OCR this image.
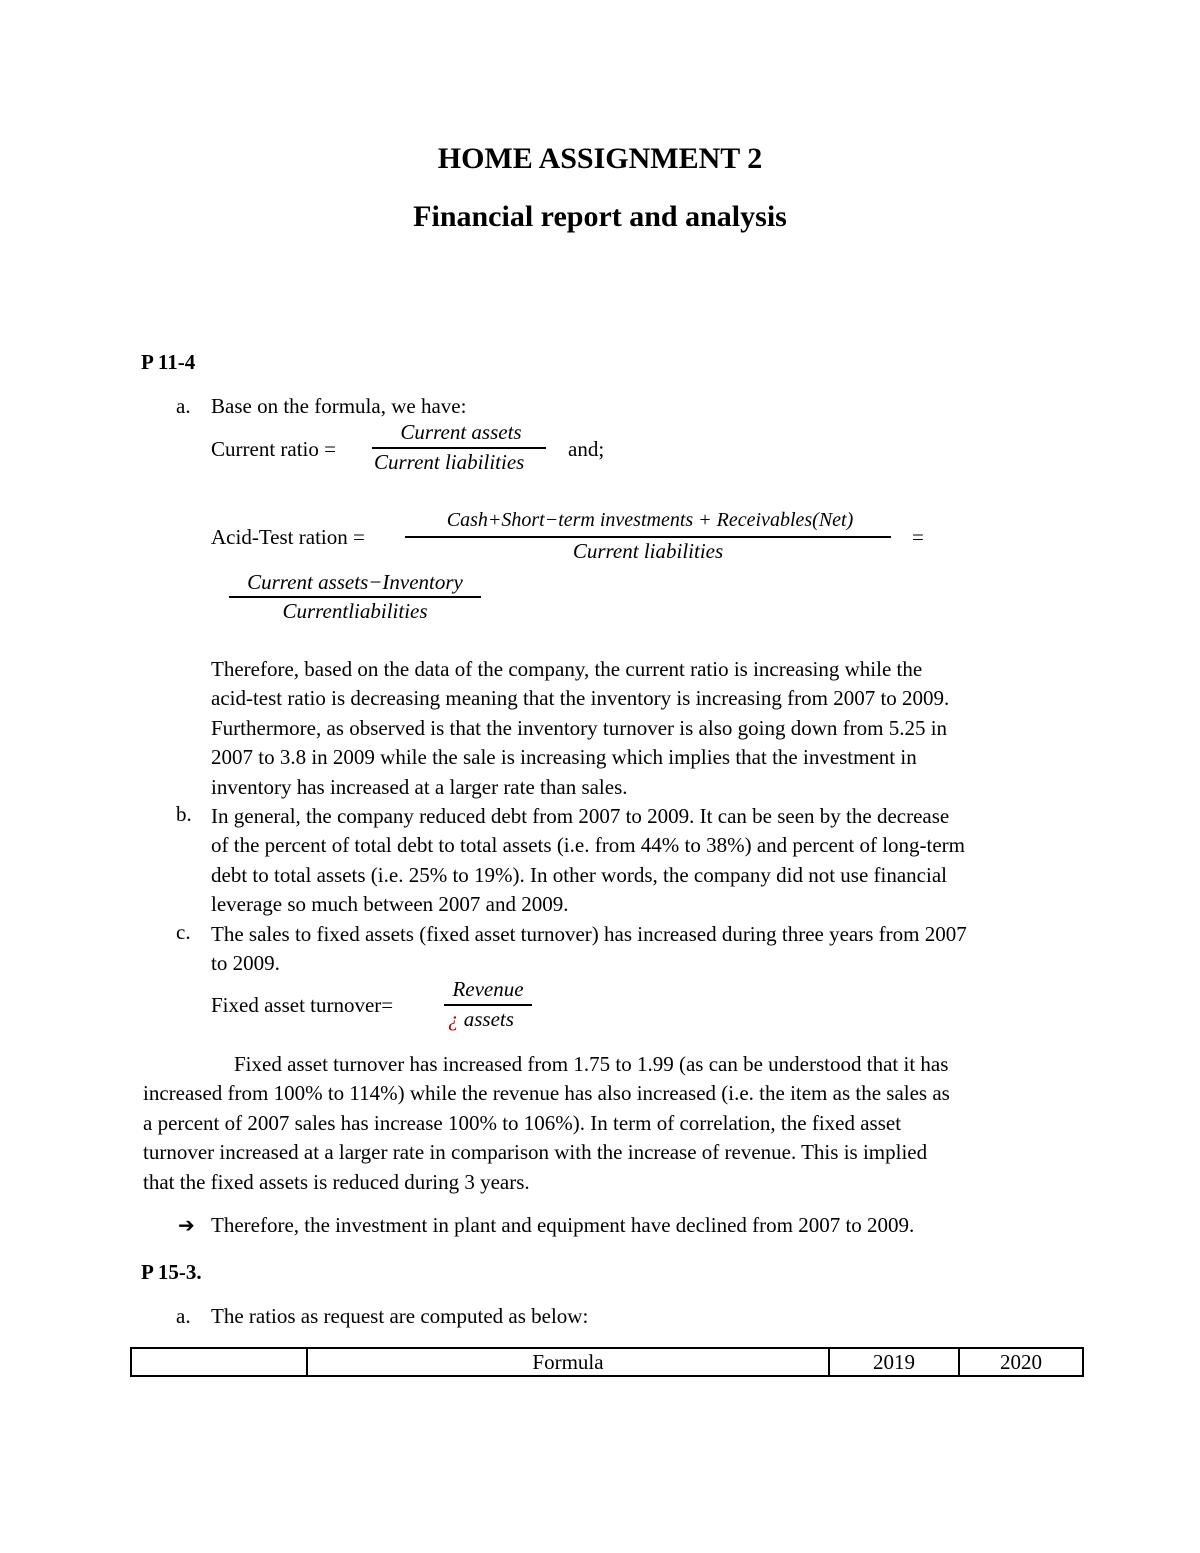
HOME ASSIGNMENT 2
Financial report and analysis
P 11-4
a. Base on the formula, we have:
Current ratio =
Current assets
Current liabilities
and;
Acid-Test ration =
Cash+Short−term investments + Receivables(Net)
Current liabilities
=
Current assets−Inventory
Currentliabilities
Therefore, based on the data of the company, the current ratio is increasing while the
acid-test ratio is decreasing meaning that the inventory is increasing from 2007 to 2009.
Furthermore, as observed is that the inventory turnover is also going down from 5.25 in
2007 to 3.8 in 2009 while the sale is increasing which implies that the investment in
inventory has increased at a larger rate than sales.
b. In general, the company reduced debt from 2007 to 2009. It can be seen by the decrease
of the percent of total debt to total assets (i.e. from 44% to 38%) and percent of long-term
debt to total assets (i.e. 25% to 19%). In other words, the company did not use financial
leverage so much between 2007 and 2009.
c. The sales to fixed assets (fixed asset turnover) has increased during three years from 2007
to 2009.
Fixed asset turnover=
Revenue
¿ assets
Fixed asset turnover has increased from 1.75 to 1.99 (as can be understood that it has
increased from 100% to 114%) while the revenue has also increased (i.e. the item as the sales as
a percent of 2007 sales has increase 100% to 106%). In term of correlation, the fixed asset
turnover increased at a larger rate in comparison with the increase of revenue. This is implied
that the fixed assets is reduced during 3 years.
➔ Therefore, the investment in plant and equipment have declined from 2007 to 2009.
P 15-3.
a. The ratios as request are computed as below:
	Formula	2019	2020
